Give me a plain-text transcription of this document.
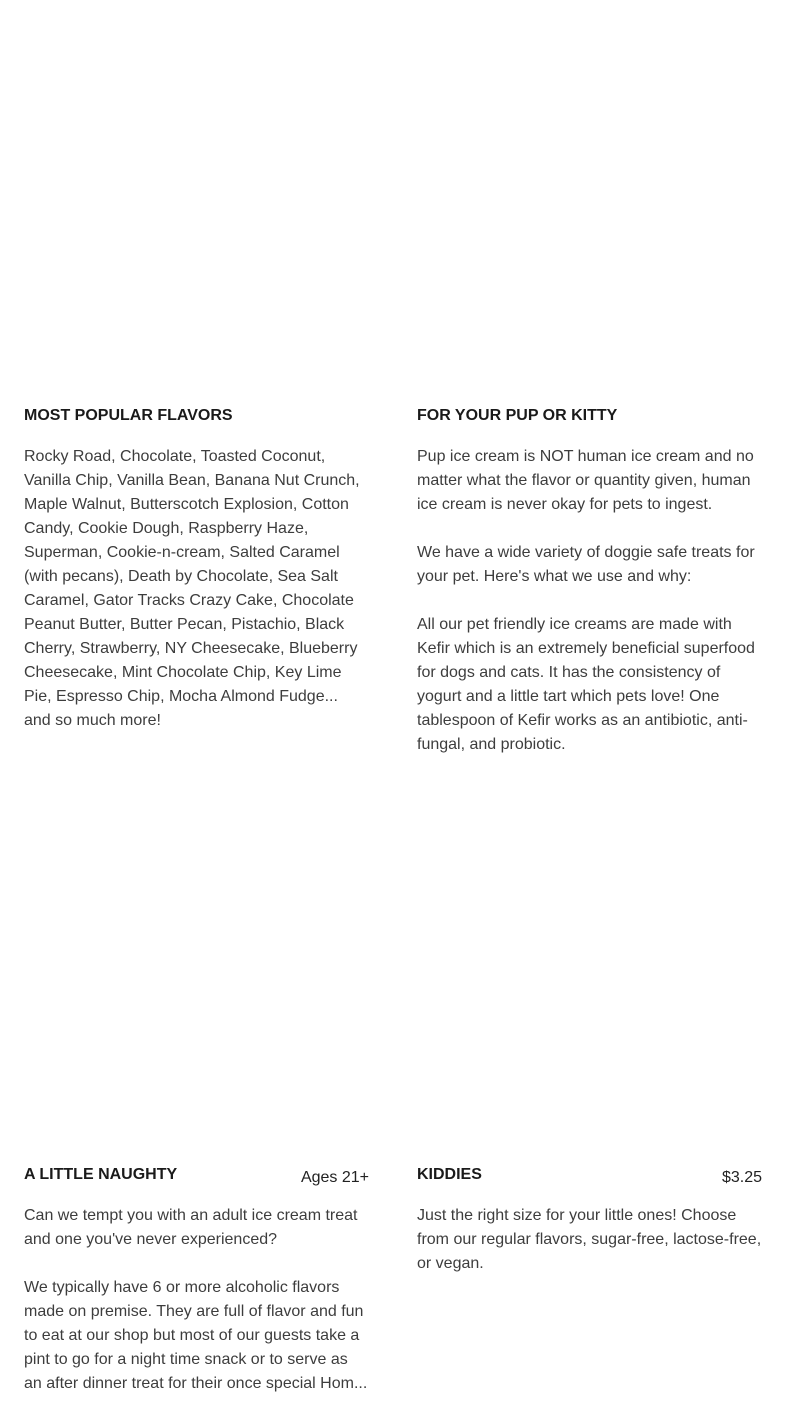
MOST POPULAR FLAVORS

Rocky Road, Chocolate, Toasted Coconut, Vanilla Chip, Vanilla Bean, Banana Nut Crunch, Maple Walnut, Butterscotch Explosion, Cotton Candy, Cookie Dough, Raspberry Haze, Superman, Cookie-n-cream, Salted Caramel (with pecans), Death by Chocolate, Sea Salt Caramel, Gator Tracks Crazy Cake, Chocolate Peanut Butter, Butter Pecan, Pistachio, Black Cherry, Strawberry, NY Cheesecake, Blueberry Cheesecake, Mint Chocolate Chip, Key Lime Pie, Espresso Chip, Mocha Almond Fudge... and so much more!

FOR YOUR PUP OR KITTY

Pup ice cream is NOT human ice cream and no matter what the flavor or quantity given, human ice cream is never okay for pets to ingest.

We have a wide variety of doggie safe treats for your pet. Here's what we use and why:

All our pet friendly ice creams are made with Kefir which is an extremely beneficial superfood for dogs and cats. It has the consistency of yogurt and a little tart which pets love! One tablespoon of Kefir works as an antibiotic, anti-fungal, and probiotic.

A LITTLE NAUGHTY	Ages 21+

Can we tempt you with an adult ice cream treat and one you've never experienced?

We typically have 6 or more alcoholic flavors made on premise. They are full of flavor and fun to eat at our shop but most of our guests take a pint to go for a night time snack or to serve as an after dinner treat for their once special Hom...

KIDDIES	$3.25

Just the right size for your little ones! Choose from our regular flavors, sugar-free, lactose-free, or vegan.
